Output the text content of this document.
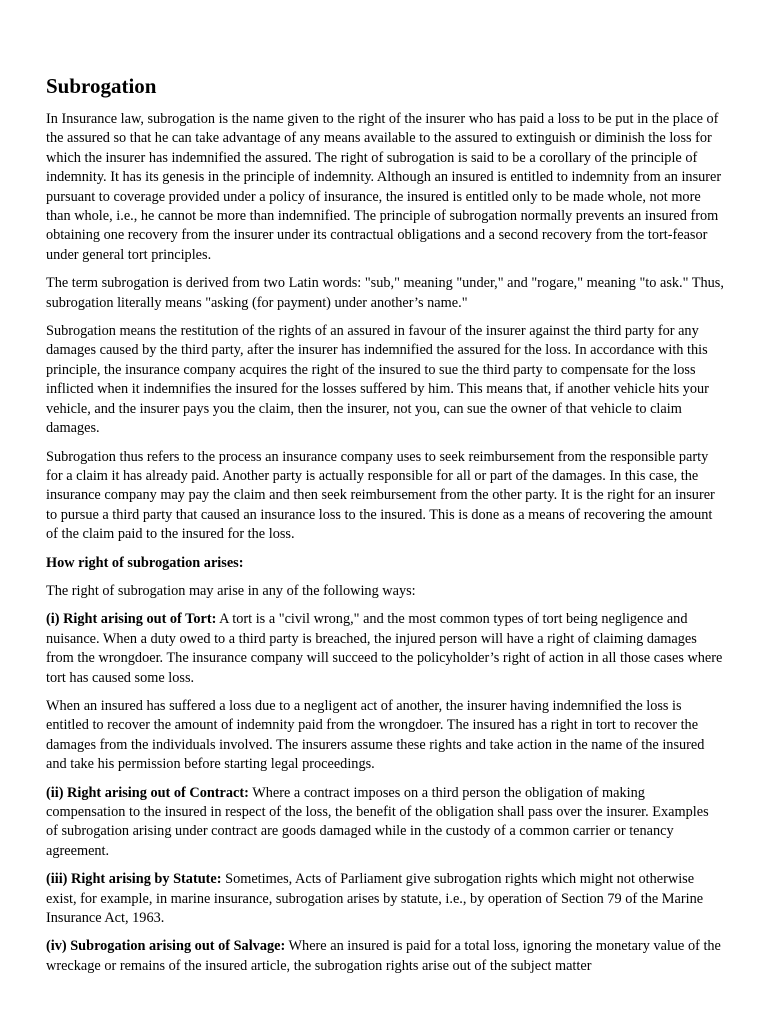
Subrogation

In Insurance law, subrogation is the name given to the right of the insurer who has paid a loss to be put in the place of the assured so that he can take advantage of any means available to the assured to extinguish or diminish the loss for which the insurer has indemnified the assured. The right of subrogation is said to be a corollary of the principle of indemnity. It has its genesis in the principle of indemnity. Although an insured is entitled to indemnity from an insurer pursuant to coverage provided under a policy of insurance, the insured is entitled only to be made whole, not more than whole, i.e., he cannot be more than indemnified. The principle of subrogation normally prevents an insured from obtaining one recovery from the insurer under its contractual obligations and a second recovery from the tort-feasor under general tort principles.

The term subrogation is derived from two Latin words: "sub," meaning "under," and "rogare," meaning "to ask." Thus, subrogation literally means "asking (for payment) under another’s name."

Subrogation means the restitution of the rights of an assured in favour of the insurer against the third party for any damages caused by the third party, after the insurer has indemnified the assured for the loss. In accordance with this principle, the insurance company acquires the right of the insured to sue the third party to compensate for the loss inflicted when it indemnifies the insured for the losses suffered by him. This means that, if another vehicle hits your vehicle, and the insurer pays you the claim, then the insurer, not you, can sue the owner of that vehicle to claim damages.

Subrogation thus refers to the process an insurance company uses to seek reimbursement from the responsible party for a claim it has already paid. Another party is actually responsible for all or part of the damages. In this case, the insurance company may pay the claim and then seek reimbursement from the other party. It is the right for an insurer to pursue a third party that caused an insurance loss to the insured. This is done as a means of recovering the amount of the claim paid to the insured for the loss.

How right of subrogation arises:

The right of subrogation may arise in any of the following ways:

(i) Right arising out of Tort: A tort is a "civil wrong," and the most common types of tort being negligence and nuisance. When a duty owed to a third party is breached, the injured person will have a right of claiming damages from the wrongdoer. The insurance company will succeed to the policyholder’s right of action in all those cases where tort has caused some loss.

When an insured has suffered a loss due to a negligent act of another, the insurer having indemnified the loss is entitled to recover the amount of indemnity paid from the wrongdoer. The insured has a right in tort to recover the damages from the individuals involved. The insurers assume these rights and take action in the name of the insured and take his permission before starting legal proceedings.

(ii) Right arising out of Contract: Where a contract imposes on a third person the obligation of making compensation to the insured in respect of the loss, the benefit of the obligation shall pass over the insurer. Examples of subrogation arising under contract are goods damaged while in the custody of a common carrier or tenancy agreement.

(iii) Right arising by Statute: Sometimes, Acts of Parliament give subrogation rights which might not otherwise exist, for example, in marine insurance, subrogation arises by statute, i.e., by operation of Section 79 of the Marine Insurance Act, 1963.

(iv) Subrogation arising out of Salvage: Where an insured is paid for a total loss, ignoring the monetary value of the wreckage or remains of the insured article, the subrogation rights arise out of the subject matter
